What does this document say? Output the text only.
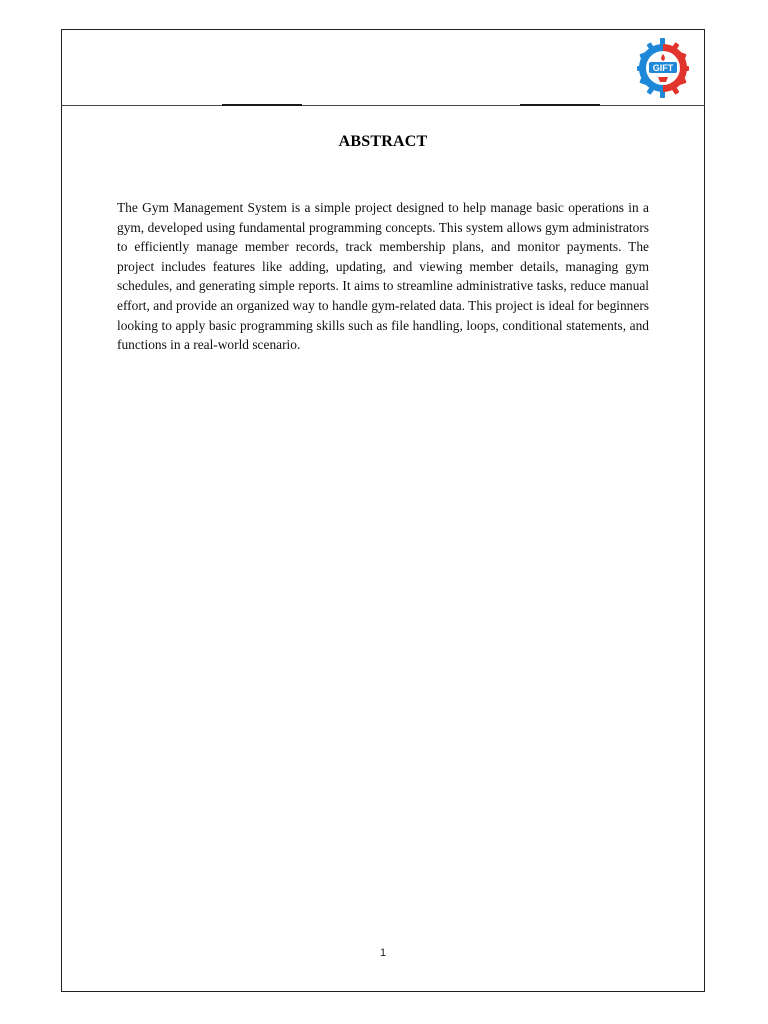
GIFT
ABSTRACT

The Gym Management System is a simple project designed to help manage basic operations in a gym, developed using fundamental programming concepts. This system allows gym administrators to efficiently manage member records, track membership plans, and monitor payments. The project includes features like adding, updating, and viewing member details, managing gym schedules, and generating simple reports. It aims to streamline administrative tasks, reduce manual effort, and provide an organized way to handle gym-related data. This project is ideal for beginners looking to apply basic programming skills such as file handling, loops, conditional statements, and functions in a real-world scenario.

1
